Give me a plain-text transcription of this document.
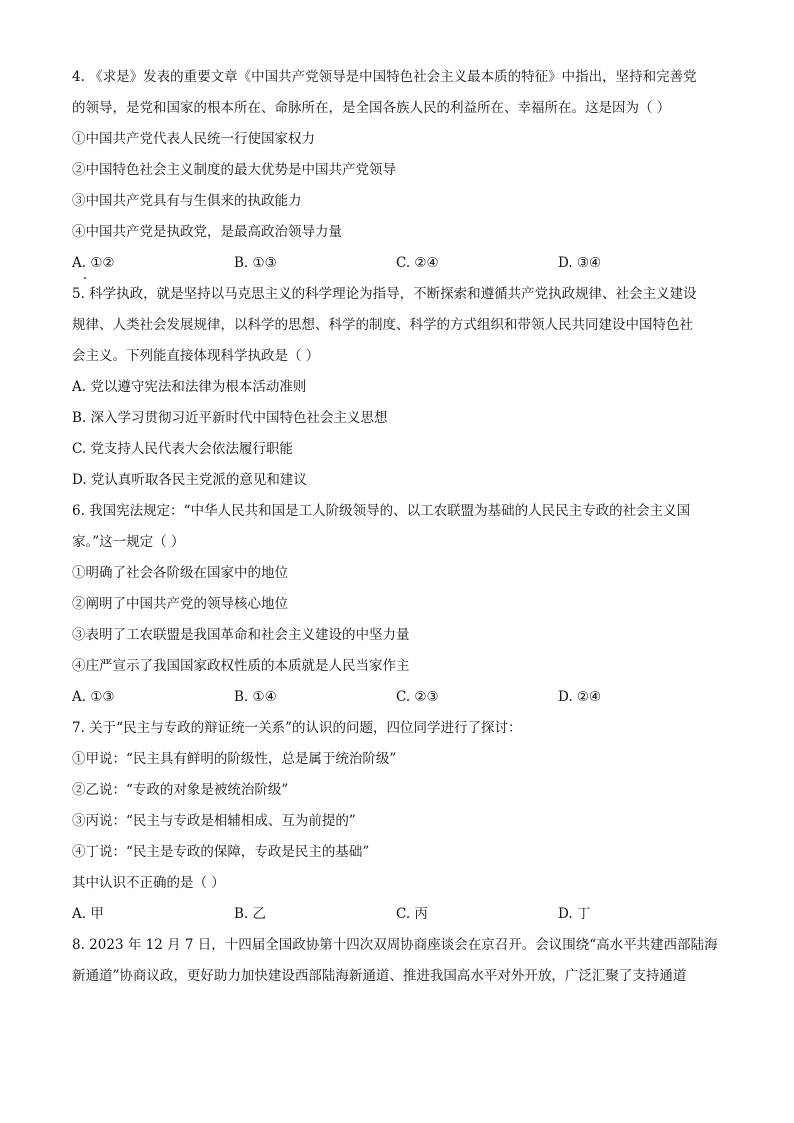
4. 《求是》发表的重要文章《中国共产党领导是中国特色社会主义最本质的特征》中指出，坚持和完善党
的领导，是党和国家的根本所在、命脉所在，是全国各族人民的利益所在、幸福所在。这是因为（ ）
①中国共产党代表人民统一行使国家权力
②中国特色社会主义制度的最大优势是中国共产党领导
③中国共产党具有与生俱来的执政能力
④中国共产党是执政党，是最高政治领导力量
A. ①②	B. ①③	C. ②④	D. ③④
5. 科学执政，就是坚持以马克思主义的科学理论为指导，不断探索和遵循共产党执政规律、社会主义建设
规律、人类社会发展规律，以科学的思想、科学的制度、科学的方式组织和带领人民共同建设中国特色社
会主义。下列能直接体现科学执政是（ ）
A. 党以遵守宪法和法律为根本活动准则
B. 深入学习贯彻习近平新时代中国特色社会主义思想
C. 党支持人民代表大会依法履行职能
D. 党认真听取各民主党派的意见和建议
6. 我国宪法规定：“中华人民共和国是工人阶级领导的、以工农联盟为基础的人民民主专政的社会主义国
家。”这一规定（ ）
①明确了社会各阶级在国家中的地位
②阐明了中国共产党的领导核心地位
③表明了工农联盟是我国革命和社会主义建设的中坚力量
④庄严宣示了我国国家政权性质的本质就是人民当家作主
A. ①③	B. ①④	C. ②③	D. ②④
7. 关于“民主与专政的辩证统一关系”的认识的问题，四位同学进行了探讨：
①甲说：“民主具有鲜明的阶级性，总是属于统治阶级”
②乙说：“专政的对象是被统治阶级”
③丙说：“民主与专政是相辅相成、互为前提的”
④丁说：“民主是专政的保障，专政是民主的基础”
其中认识不正确的是（ ）
A. 甲	B. 乙	C. 丙	D. 丁
8. 2023 年 12 月 7 日，十四届全国政协第十四次双周协商座谈会在京召开。会议围绕“高水平共建西部陆海
新通道”协商议政，更好助力加快建设西部陆海新通道、推进我国高水平对外开放，广泛汇聚了支持通道
